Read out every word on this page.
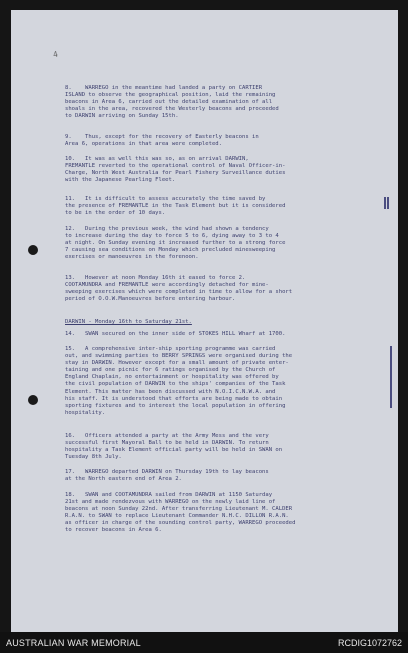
4
8.    WARREGO in the meantime had landed a party on CARTIER
ISLAND to observe the geographical position, laid the remaining
beacons in Area 6, carried out the detailed examination of all
shoals in the area, recovered the Westerly beacons and proceeded
to DARWIN arriving on Sunday 15th.
9.    Thus, except for the recovery of Easterly beacons in
Area 6, operations in that area were completed.
10.   It was as well this was so, as on arrival DARWIN,
FREMANTLE reverted to the operational control of Naval Officer-in-
Charge, North West Australia for Pearl Fishery Surveillance duties
with the Japanese Pearling Fleet.
11.   It is difficult to assess accurately the time saved by
the presence of FREMANTLE in the Task Element but it is considered
to be in the order of 10 days.
12.   During the previous week, the wind had shown a tendency
to increase during the day to force 5 to 6, dying away to 3 to 4
at night. On Sunday evening it increased further to a strong force
7 causing sea conditions on Monday which precluded minesweeping
exercises or manoeuvres in the forenoon.
13.   However at noon Monday 16th it eased to force 2.
COOTAMUNDRA and FREMANTLE were accordingly detached for mine-
sweeping exercises which were completed in time to allow for a short
period of O.O.W.Manoeuvres before entering harbour.
DARWIN - Monday 16th to Saturday 21st.
14.   SWAN secured on the inner side of STOKES HILL Wharf at 1700.
15.   A comprehensive inter-ship sporting programme was carried
out, and swimming parties to BERRY SPRINGS were organised during the
stay in DARWIN. However except for a small amount of private enter-
taining and one picnic for 6 ratings organised by the Church of
England Chaplain, no entertainment or hospitality was offered by
the civil population of DARWIN to the ships' companies of the Task
Element. This matter has been discussed with N.O.I.C.N.W.A. and
his staff. It is understood that efforts are being made to obtain
sporting fixtures and to interest the local population in offering
hospitality.
16.   Officers attended a party at the Army Mess and the very
successful first Mayoral Ball to be held in DARWIN. To return
hospitality a Task Element official party will be held in SWAN on
Tuesday 8th July.
17.   WARREGO departed DARWIN on Thursday 19th to lay beacons
at the North eastern end of Area 2.
18.   SWAN and COOTAMUNDRA sailed from DARWIN at 1150 Saturday
21st and made rendezvous with WARREGO on the newly laid line of
beacons at noon Sunday 22nd. After transferring Lieutenant M. CALDER
R.A.N. to SWAN to replace Lieutenant Commander N.H.C. DILLON R.A.N.
as officer in charge of the sounding control party, WARREGO proceeded
to recover beacons in Area 6.
AUSTRALIAN WAR MEMORIAL	RCDIG1072762
